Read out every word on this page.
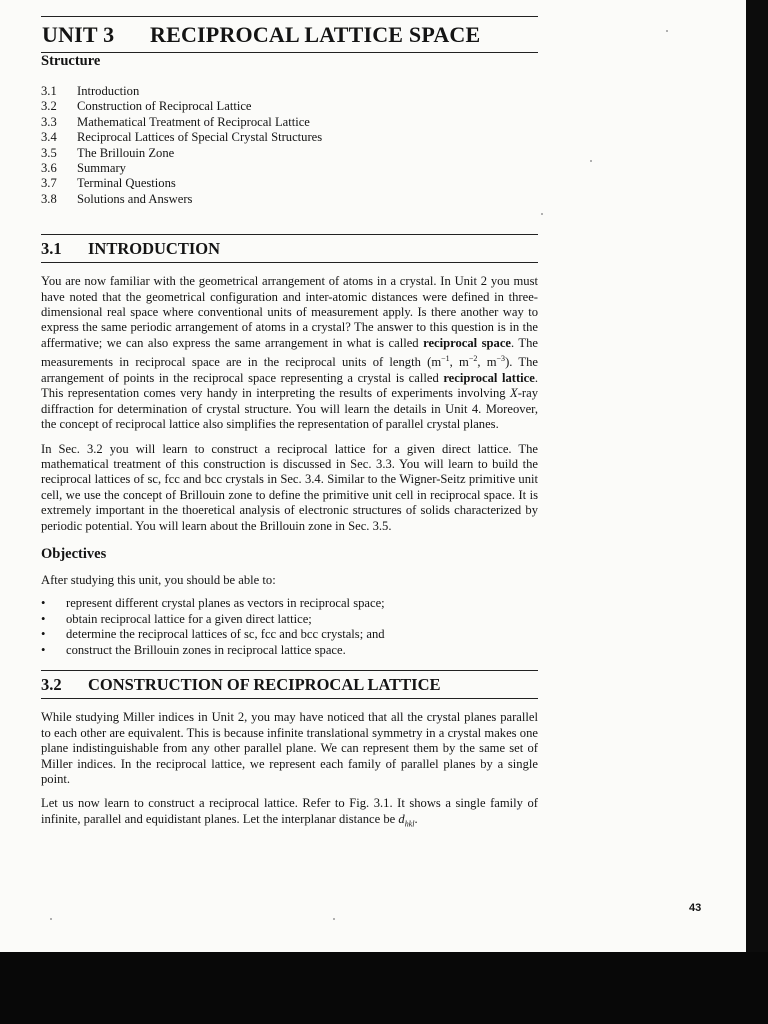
UNIT 3	RECIPROCAL LATTICE SPACE
Structure
3.1	Introduction
3.2	Construction of Reciprocal Lattice
3.3	Mathematical Treatment of Reciprocal Lattice
3.4	Reciprocal Lattices of Special Crystal Structures
3.5	The Brillouin Zone
3.6	Summary
3.7	Terminal Questions
3.8	Solutions and Answers
3.1	INTRODUCTION

You are now familiar with the geometrical arrangement of atoms in a crystal. In Unit 2 you must have noted that the geometrical configuration and inter-atomic distances were defined in three-dimensional real space where conventional units of measurement apply. Is there another way to express the same periodic arrangement of atoms in a crystal? The answer to this question is in the affermative; we can also express the same arrangement in what is called reciprocal space. The measurements in reciprocal space are in the reciprocal units of length ($m^{-1}$, $m^{-2}$, $m^{-3}$). The arrangement of points in the reciprocal space representing a crystal is called reciprocal lattice. This representation comes very handy in interpreting the results of experiments involving X-ray diffraction for determination of crystal structure. You will learn the details in Unit 4. Moreover, the concept of reciprocal lattice also simplifies the representation of parallel crystal planes.

In Sec. 3.2 you will learn to construct a reciprocal lattice for a given direct lattice. The mathematical treatment of this construction is discussed in Sec. 3.3. You will learn to build the reciprocal lattices of sc, fcc and bcc crystals in Sec. 3.4. Similar to the Wigner-Seitz primitive unit cell, we use the concept of Brillouin zone to define the primitive unit cell in reciprocal space. It is extremely important in the thoeretical analysis of electronic structures of solids characterized by periodic potential. You will learn about the Brillouin zone in Sec. 3.5.

Objectives

After studying this unit, you should be able to:

• represent different crystal planes as vectors in reciprocal space;
• obtain reciprocal lattice for a given direct lattice;
• determine the reciprocal lattices of sc, fcc and bcc crystals; and
• construct the Brillouin zones in reciprocal lattice space.
3.2	CONSTRUCTION OF RECIPROCAL LATTICE

While studying Miller indices in Unit 2, you may have noticed that all the crystal planes parallel to each other are equivalent. This is because infinite translational symmetry in a crystal makes one plane indistinguishable from any other parallel plane. We can represent them by the same set of Miller indices. In the reciprocal lattice, we represent each family of parallel planes by a single point.

Let us now learn to construct a reciprocal lattice. Refer to Fig. 3.1. It shows a single family of infinite, parallel and equidistant planes. Let the interplanar distance be $d_{hkl}$.

43
